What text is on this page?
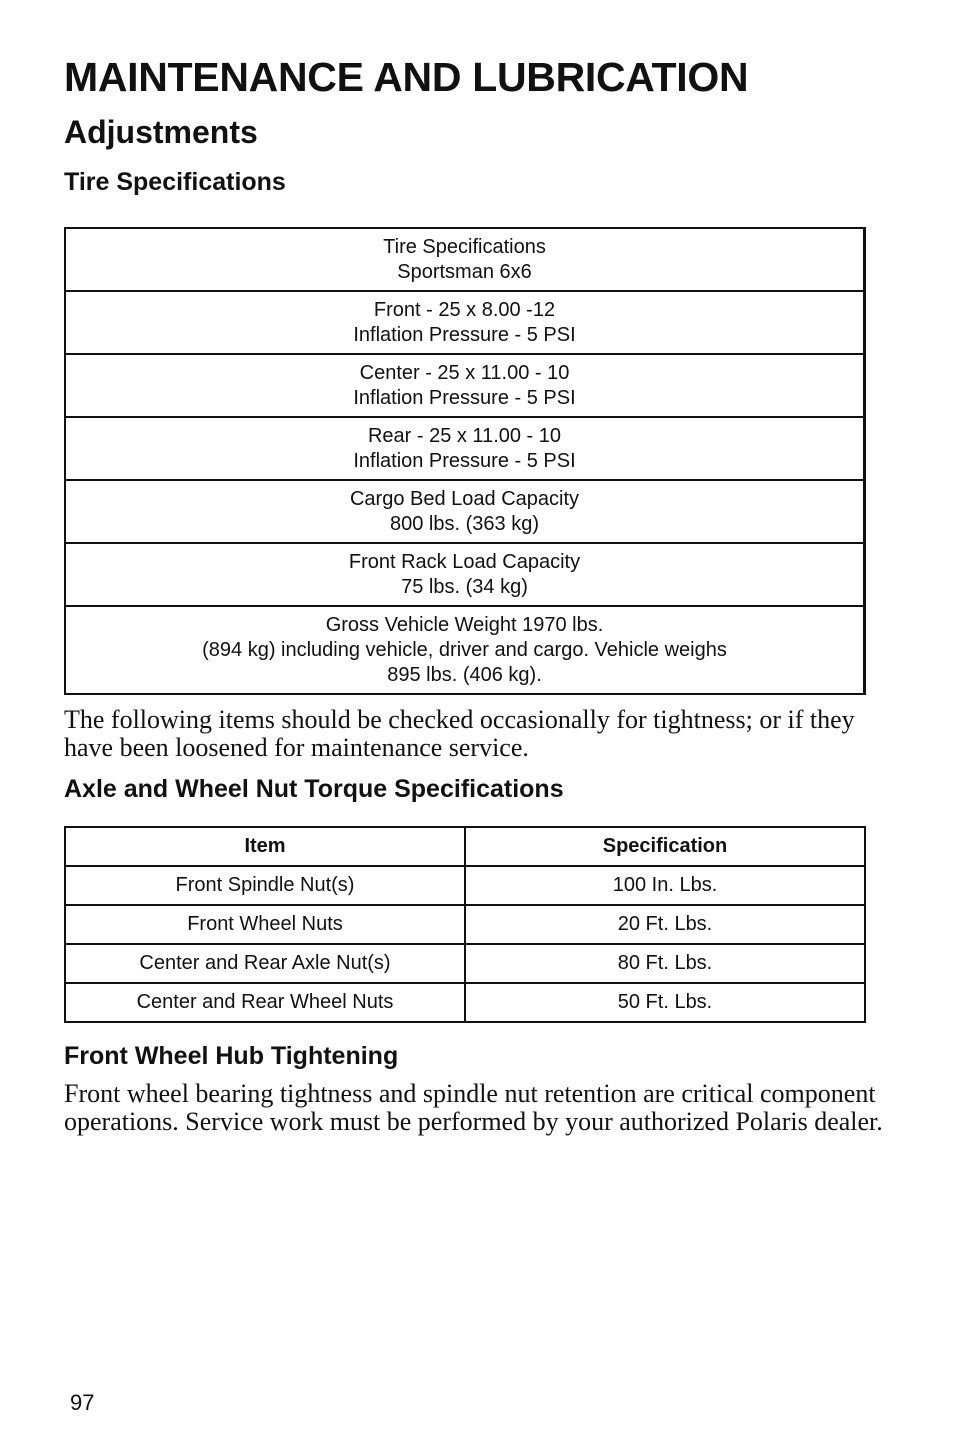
MAINTENANCE AND LUBRICATION
Adjustments
Tire Specifications
Tire Specifications
Sportsman 6x6

Front - 25 x 8.00 -12
Inflation Pressure - 5 PSI

Center - 25 x 11.00 - 10
Inflation Pressure - 5 PSI

Rear - 25 x 11.00 - 10
Inflation Pressure - 5 PSI

Cargo Bed Load Capacity
800 lbs. (363 kg)

Front Rack Load Capacity
75 lbs. (34 kg)

Gross Vehicle Weight 1970 lbs.
(894 kg) including vehicle, driver and cargo. Vehicle weighs
895 lbs. (406 kg).

The following items should be checked occasionally for tightness; or if they have been loosened for maintenance service.

Axle and Wheel Nut Torque Specifications
Item	Specification
Front Spindle Nut(s)	100 In. Lbs.
Front Wheel Nuts	20 Ft. Lbs.
Center and Rear Axle Nut(s)	80 Ft. Lbs.
Center and Rear Wheel Nuts	50 Ft. Lbs.
Front Wheel Hub Tightening

Front wheel bearing tightness and spindle nut retention are critical component operations. Service work must be performed by your authorized Polaris dealer.

97
